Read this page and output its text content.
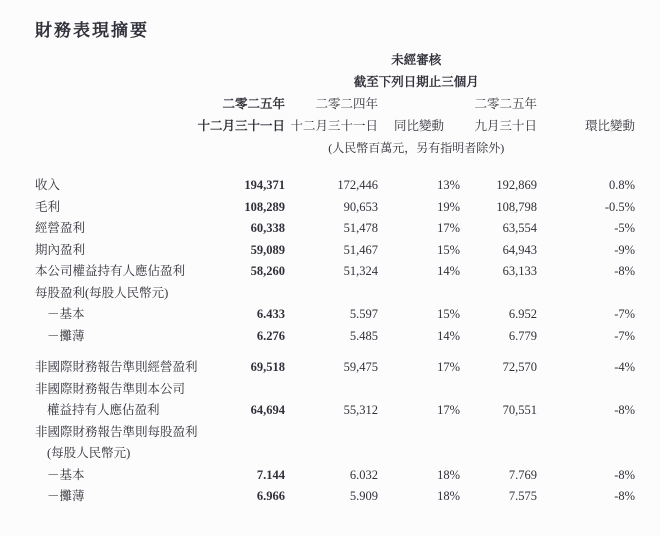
財務表現摘要
	未經審核				
	截至下列日期止三個月				
	二零二五年	二零二四年		二零二五年	
	十二月三十一日	十二月三十一日	同比變動	九月三十日	環比變動
	(人民幣百萬元，另有指明者除外)				

收入	194,371	172,446	13%	192,869	0.8%
毛利	108,289	90,653	19%	108,798	-0.5%
經營盈利	60,338	51,478	17%	63,554	-5%
期內盈利	59,089	51,467	15%	64,943	-9%
本公司權益持有人應佔盈利	58,260	51,324	14%	63,133	-8%
每股盈利(每股人民幣元)					
－基本	6.433	5.597	15%	6.952	-7%
－攤薄	6.276	5.485	14%	6.779	-7%

非國際財務報告準則經營盈利	69,518	59,475	17%	72,570	-4%
非國際財務報告準則本公司					
權益持有人應佔盈利	64,694	55,312	17%	70,551	-8%
非國際財務報告準則每股盈利					
(每股人民幣元)					
－基本	7.144	6.032	18%	7.769	-8%
－攤薄	6.966	5.909	18%	7.575	-8%
